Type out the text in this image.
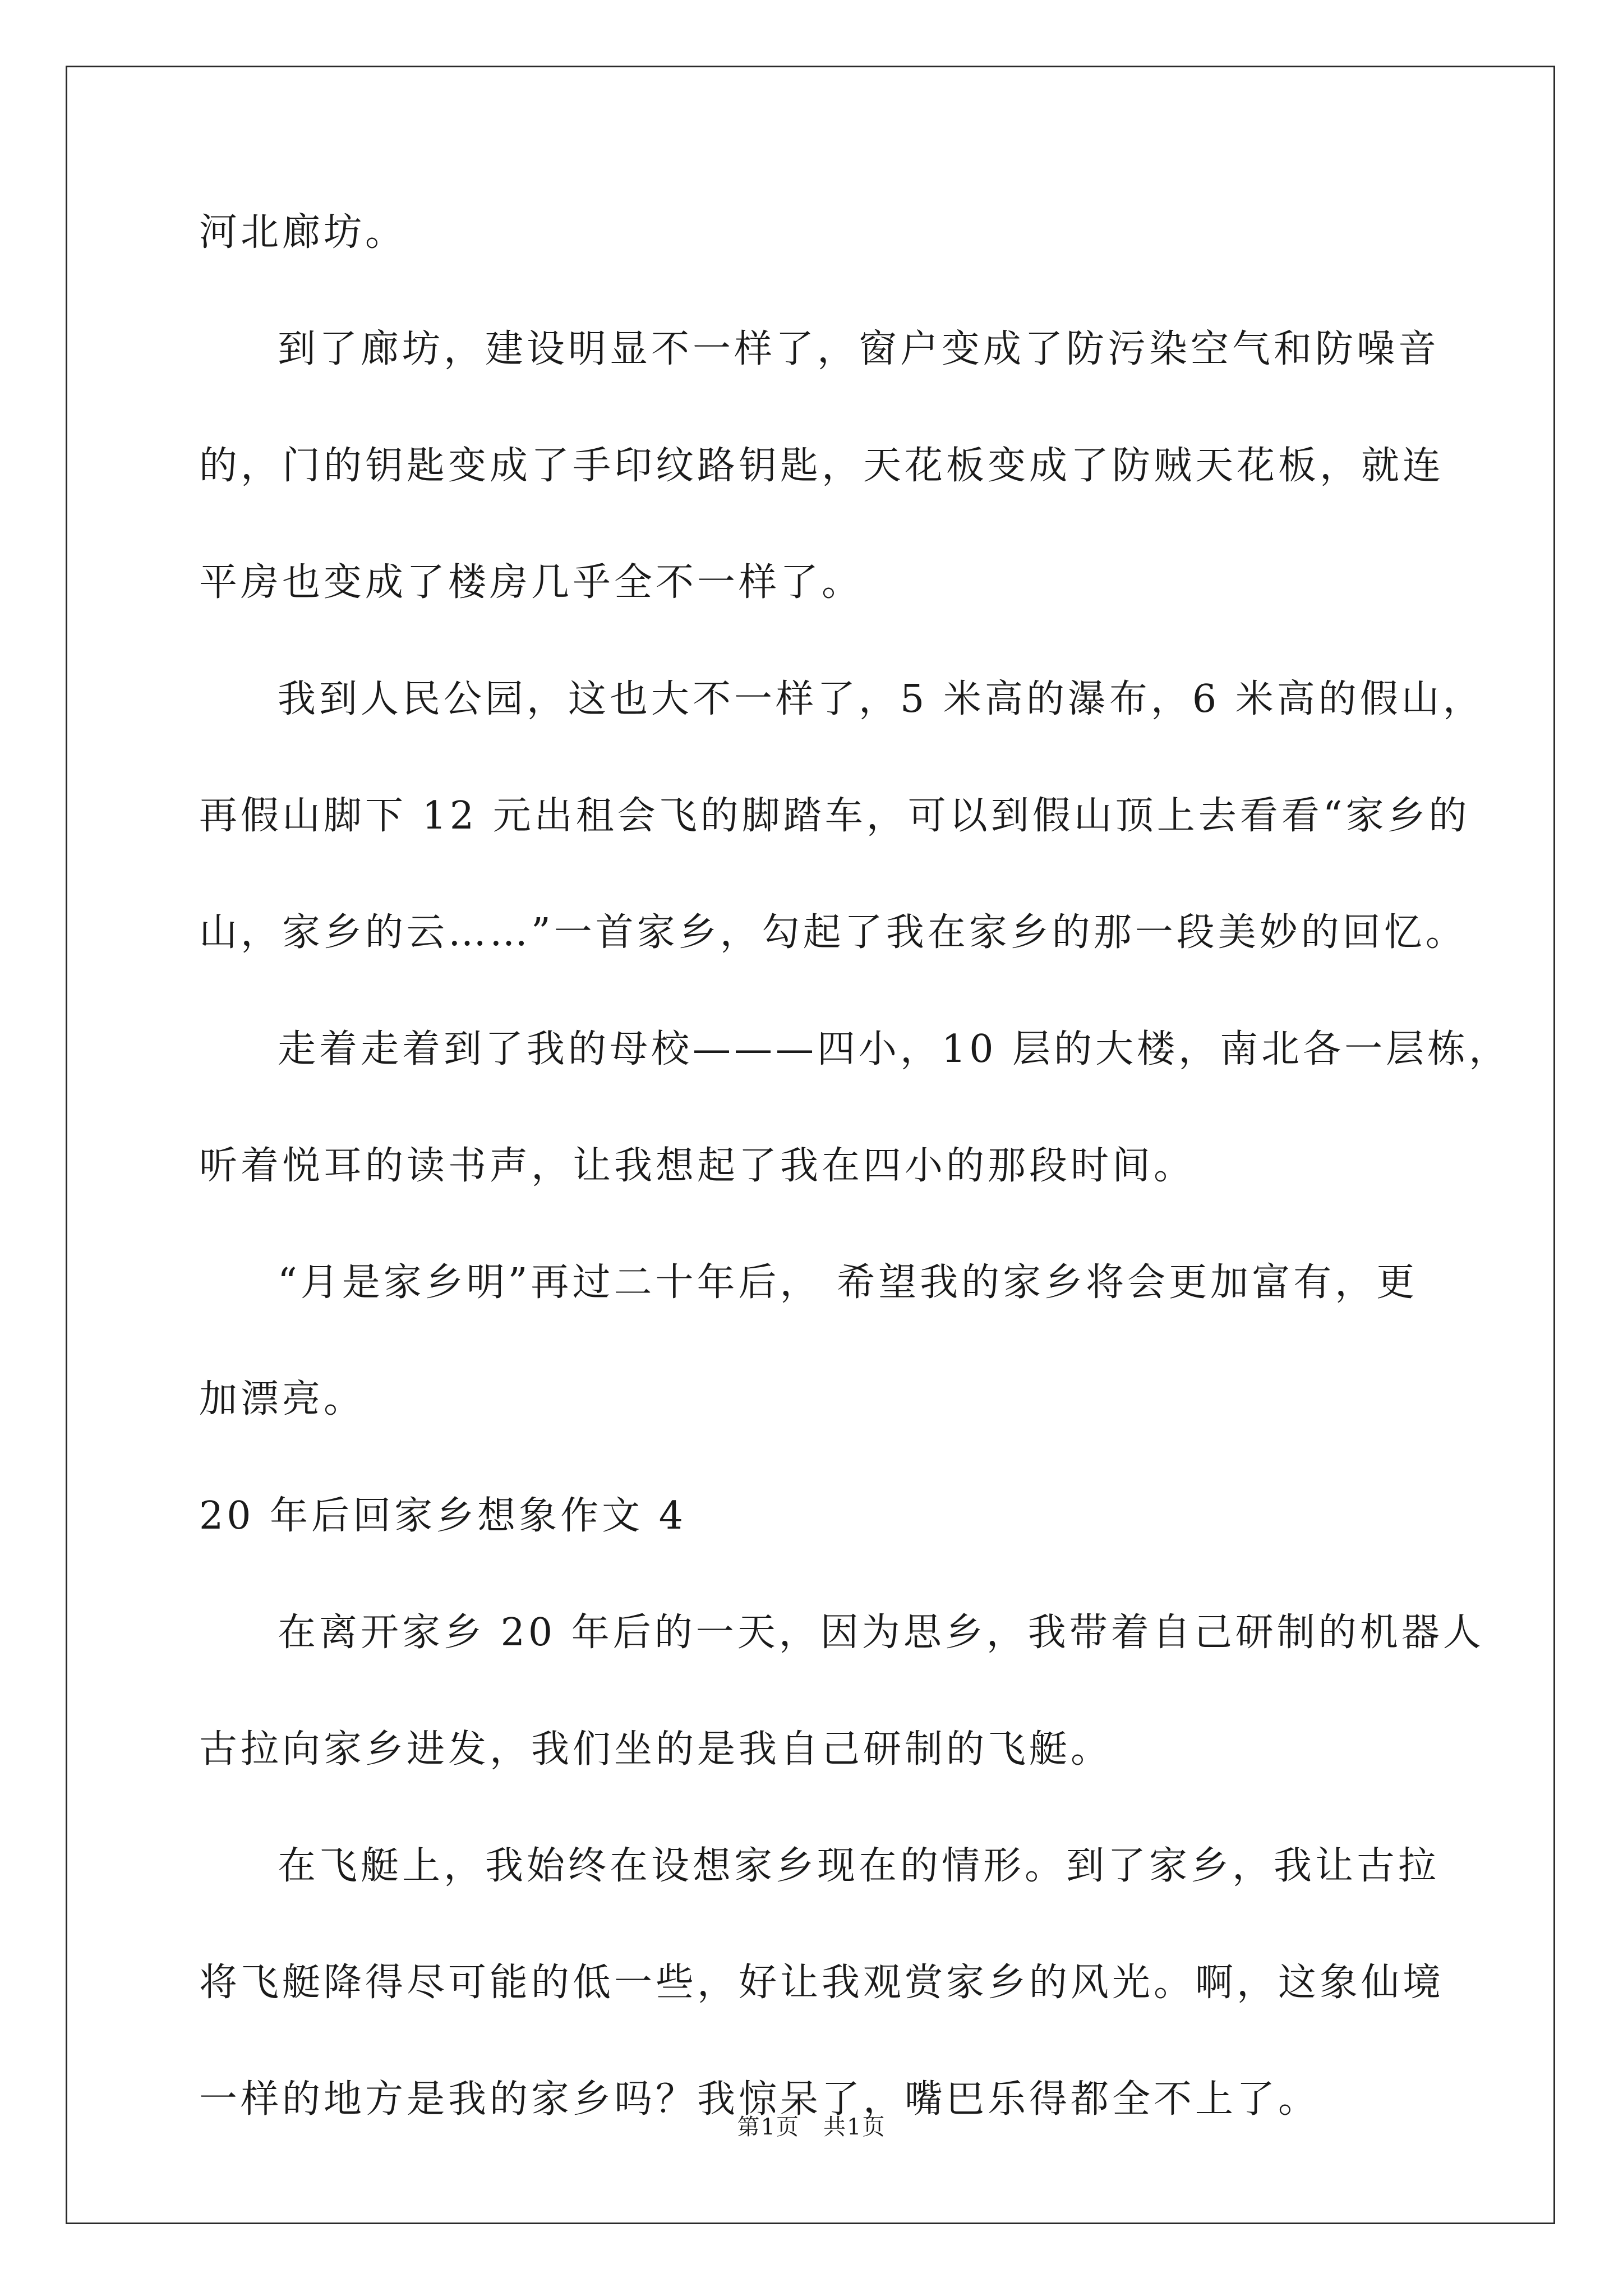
河北廊坊。
到了廊坊，建设明显不一样了，窗户变成了防污染空气和防噪音
的，门的钥匙变成了手印纹路钥匙，天花板变成了防贼天花板，就连
平房也变成了楼房几乎全不一样了。
我到人民公园，这也大不一样了，5 米高的瀑布，6 米高的假山，
再假山脚下 12 元出租会飞的脚踏车，可以到假山顶上去看看“家乡的
山，家乡的云……”一首家乡，勾起了我在家乡的那一段美妙的回忆。
走着走着到了我的母校———四小，10 层的大楼，南北各一层栋，
听着悦耳的读书声，让我想起了我在四小的那段时间。
“月是家乡明”再过二十年后， 希望我的家乡将会更加富有，更
加漂亮。
20 年后回家乡想象作文 4
在离开家乡 20 年后的一天，因为思乡，我带着自己研制的机器人
古拉向家乡进发，我们坐的是我自己研制的飞艇。
在飞艇上，我始终在设想家乡现在的情形。到了家乡，我让古拉
将飞艇降得尽可能的低一些，好让我观赏家乡的风光。啊，这象仙境
一样的地方是我的家乡吗？我惊呆了，嘴巴乐得都全不上了。
第1页　共1页
